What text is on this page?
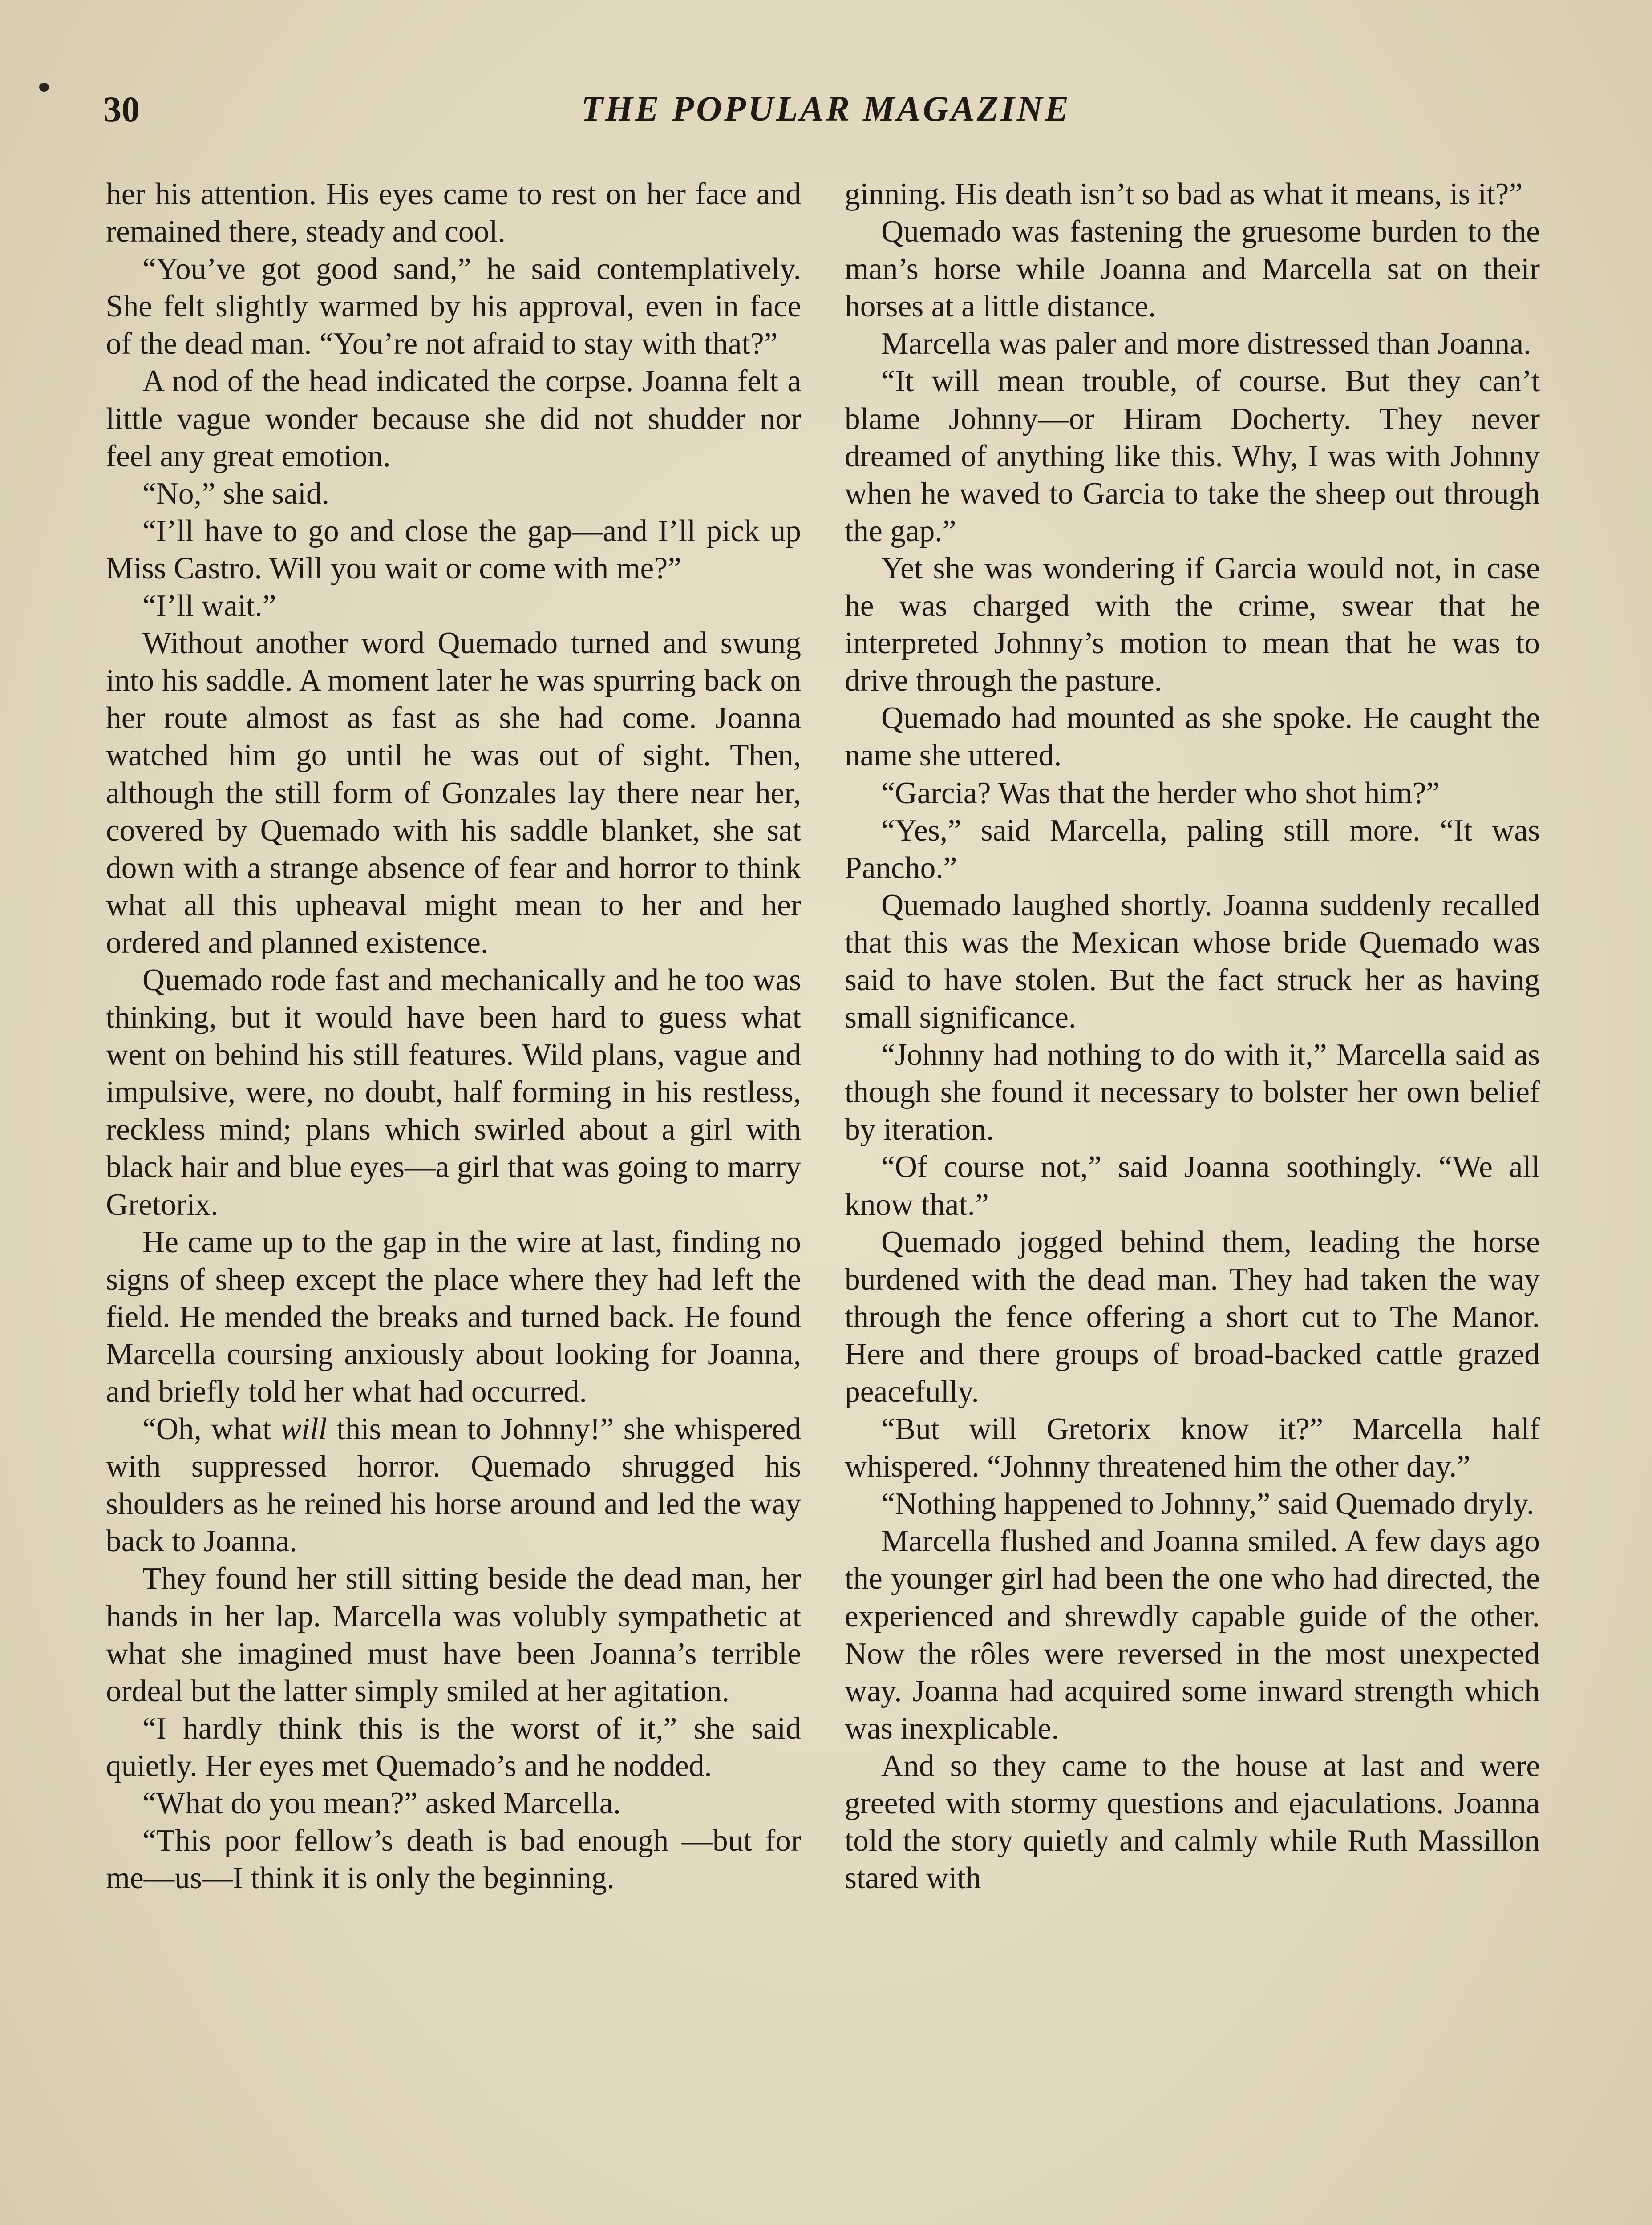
30	THE POPULAR MAGAZINE

her his attention. His eyes came to rest on her face and remained there, steady and cool.

“You’ve got good sand,” he said contemplatively. She felt slightly warmed by his approval, even in face of the dead man. “You’re not afraid to stay with that?”

A nod of the head indicated the corpse. Joanna felt a little vague wonder because she did not shudder nor feel any great emotion.

“No,” she said.

“I’ll have to go and close the gap—and I’ll pick up Miss Castro. Will you wait or come with me?”

“I’ll wait.”

Without another word Quemado turned and swung into his saddle. A moment later he was spurring back on her route almost as fast as she had come. Joanna watched him go until he was out of sight. Then, although the still form of Gonzales lay there near her, covered by Quemado with his saddle blanket, she sat down with a strange absence of fear and horror to think what all this upheaval might mean to her and her ordered and planned existence.

Quemado rode fast and mechanically and he too was thinking, but it would have been hard to guess what went on behind his still features. Wild plans, vague and impulsive, were, no doubt, half forming in his restless, reckless mind; plans which swirled about a girl with black hair and blue eyes—a girl that was going to marry Gretorix.

He came up to the gap in the wire at last, finding no signs of sheep except the place where they had left the field. He mended the breaks and turned back. He found Marcella coursing anxiously about looking for Joanna, and briefly told her what had occurred.

“Oh, what will this mean to Johnny!” she whispered with suppressed horror. Quemado shrugged his shoulders as he reined his horse around and led the way back to Joanna.

They found her still sitting beside the dead man, her hands in her lap. Marcella was volubly sympathetic at what she imagined must have been Joanna’s terrible ordeal but the latter simply smiled at her agitation.

“I hardly think this is the worst of it,” she said quietly. Her eyes met Quemado’s and he nodded.

“What do you mean?” asked Marcella.

“This poor fellow’s death is bad enough —but for me—us—I think it is only the beginning.

ginning. His death isn’t so bad as what it means, is it?”

Quemado was fastening the gruesome burden to the man’s horse while Joanna and Marcella sat on their horses at a little distance.

Marcella was paler and more distressed than Joanna.

“It will mean trouble, of course. But they can’t blame Johnny—or Hiram Docherty. They never dreamed of anything like this. Why, I was with Johnny when he waved to Garcia to take the sheep out through the gap.”

Yet she was wondering if Garcia would not, in case he was charged with the crime, swear that he interpreted Johnny’s motion to mean that he was to drive through the pasture.

Quemado had mounted as she spoke. He caught the name she uttered.

“Garcia? Was that the herder who shot him?”

“Yes,” said Marcella, paling still more. “It was Pancho.”

Quemado laughed shortly. Joanna suddenly recalled that this was the Mexican whose bride Quemado was said to have stolen. But the fact struck her as having small significance.

“Johnny had nothing to do with it,” Marcella said as though she found it necessary to bolster her own belief by iteration.

“Of course not,” said Joanna soothingly. “We all know that.”

Quemado jogged behind them, leading the horse burdened with the dead man. They had taken the way through the fence offering a short cut to The Manor. Here and there groups of broad-backed cattle grazed peacefully.

“But will Gretorix know it?” Marcella half whispered. “Johnny threatened him the other day.”

“Nothing happened to Johnny,” said Quemado dryly.

Marcella flushed and Joanna smiled. A few days ago the younger girl had been the one who had directed, the experienced and shrewdly capable guide of the other. Now the rôles were reversed in the most unexpected way. Joanna had acquired some inward strength which was inexplicable.

And so they came to the house at last and were greeted with stormy questions and ejaculations. Joanna told the story quietly and calmly while Ruth Massillon stared with
